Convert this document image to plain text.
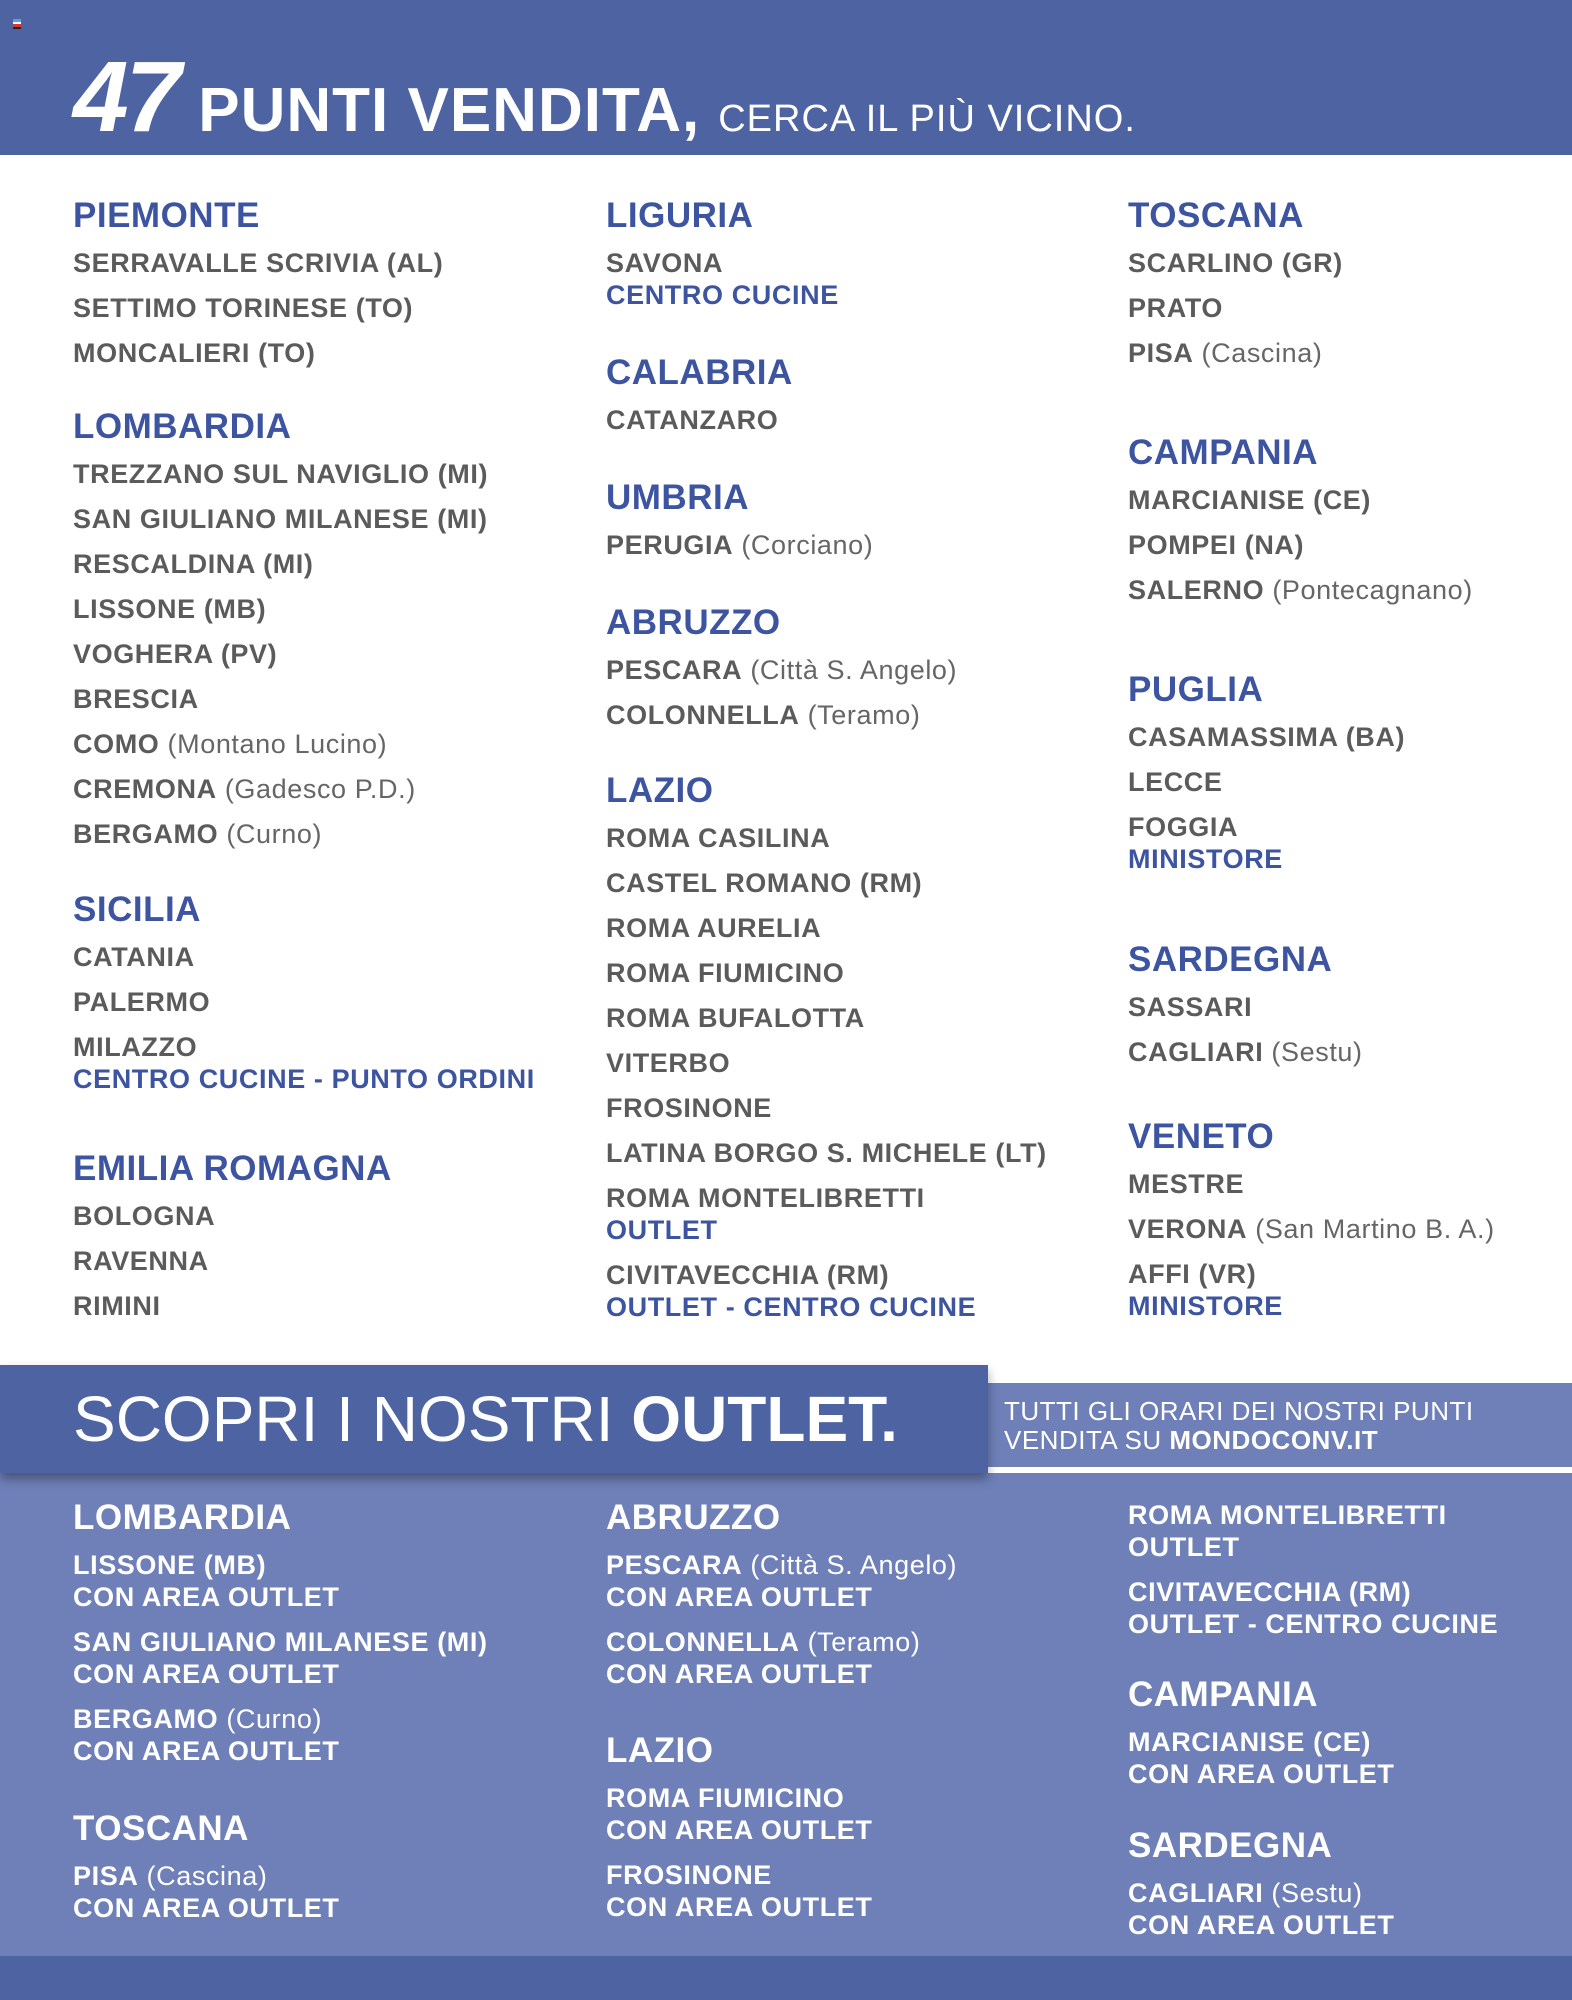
47 PUNTI VENDITA, CERCA IL PIÙ VICINO.
SCOPRI I NOSTRI OUTLET.	TUTTI GLI ORARI DEI NOSTRI PUNTI
VENDITA SU MONDOCONV.IT
PIEMONTE
SERRAVALLE SCRIVIA (AL)
SETTIMO TORINESE (TO)
MONCALIERI (TO)
LOMBARDIA
TREZZANO SUL NAVIGLIO (MI)
SAN GIULIANO MILANESE (MI)
RESCALDINA (MI)
LISSONE (MB)
VOGHERA (PV)
BRESCIA
COMO (Montano Lucino)
CREMONA (Gadesco P.D.)
BERGAMO (Curno)
SICILIA
CATANIA
PALERMO
MILAZZO
CENTRO CUCINE - PUNTO ORDINI
EMILIA ROMAGNA
BOLOGNA
RAVENNA
RIMINI
LIGURIA
SAVONA
CENTRO CUCINE
CALABRIA
CATANZARO
UMBRIA
PERUGIA (Corciano)
ABRUZZO
PESCARA (Città S. Angelo)
COLONNELLA (Teramo)
LAZIO
ROMA CASILINA
CASTEL ROMANO (RM)
ROMA AURELIA
ROMA FIUMICINO
ROMA BUFALOTTA
VITERBO
FROSINONE
LATINA BORGO S. MICHELE (LT)
ROMA MONTELIBRETTI
OUTLET
CIVITAVECCHIA (RM)
OUTLET - CENTRO CUCINE
TOSCANA
SCARLINO (GR)
PRATO
PISA (Cascina)
CAMPANIA
MARCIANISE (CE)
POMPEI (NA)
SALERNO (Pontecagnano)
PUGLIA
CASAMASSIMA (BA)
LECCE
FOGGIA
MINISTORE
SARDEGNA
SASSARI
CAGLIARI (Sestu)
VENETO
MESTRE
VERONA (San Martino B. A.)
AFFI (VR)
MINISTORE
LOMBARDIA
LISSONE (MB)
CON AREA OUTLET
SAN GIULIANO MILANESE (MI)
CON AREA OUTLET
BERGAMO (Curno)
CON AREA OUTLET
TOSCANA
PISA (Cascina)
CON AREA OUTLET
ABRUZZO
PESCARA (Città S. Angelo)
CON AREA OUTLET
COLONNELLA (Teramo)
CON AREA OUTLET
LAZIO
ROMA FIUMICINO
CON AREA OUTLET
FROSINONE
CON AREA OUTLET
ROMA MONTELIBRETTI
OUTLET
CIVITAVECCHIA (RM)
OUTLET - CENTRO CUCINE
CAMPANIA
MARCIANISE (CE)
CON AREA OUTLET
SARDEGNA
CAGLIARI (Sestu)
CON AREA OUTLET
